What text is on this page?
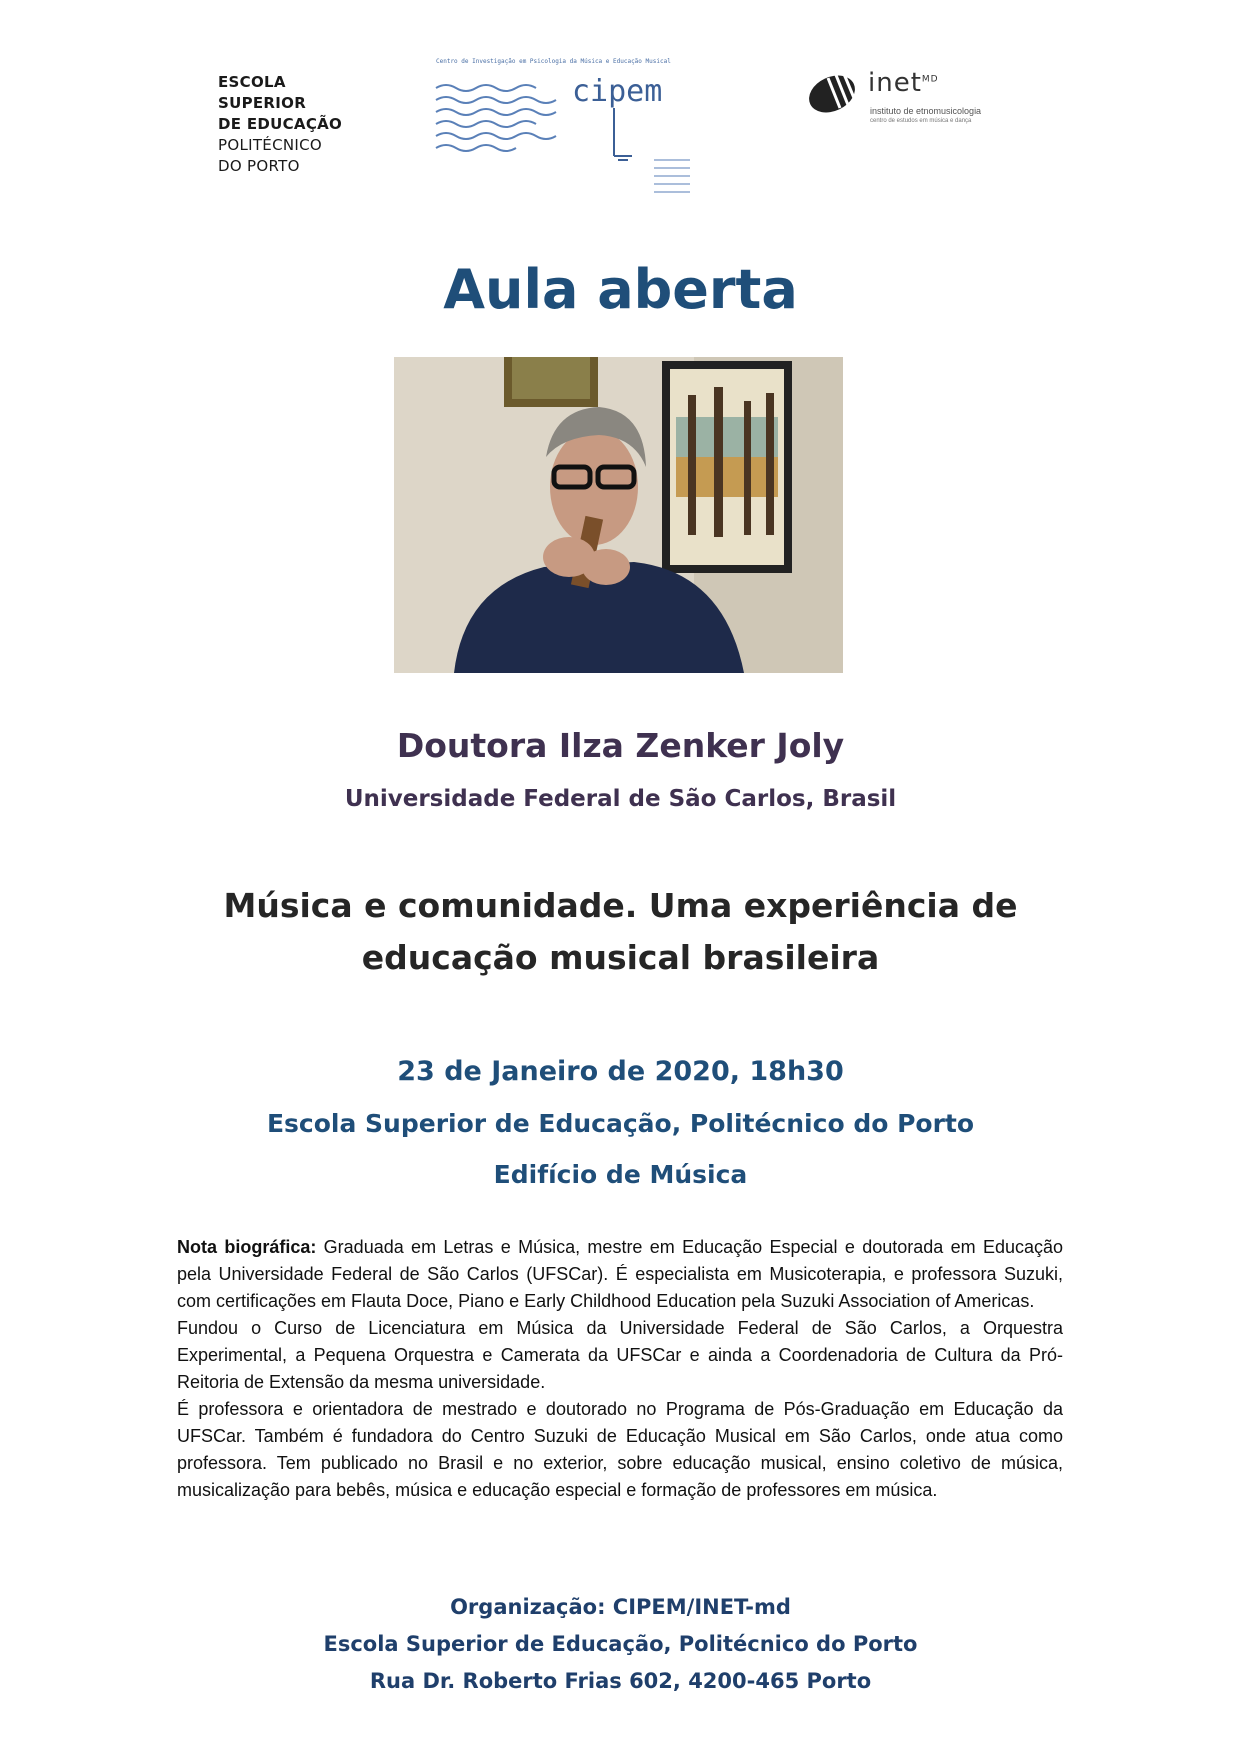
ESCOLA
SUPERIOR
DE EDUCAÇÃO
POLITÉCNICO
DO PORTO
Centro de Investigação em Psicologia da Música e Educação Musical
cipem	inet$^{MD}$
instituto de etnomusicologia
centro de estudos em música e dança
Aula aberta
Doutora Ilza Zenker Joly
Universidade Federal de São Carlos, Brasil
Música e comunidade. Uma experiência de
educação musical brasileira
23 de Janeiro de 2020, 18h30
Escola Superior de Educação, Politécnico do Porto
Edifício de Música

Nota biográfica: Graduada em Letras e Música, mestre em Educação Especial e doutorada em Educação pela Universidade Federal de São Carlos (UFSCar). É especialista em Musicoterapia, e professora Suzuki, com certificações em Flauta Doce, Piano e Early Childhood Education pela Suzuki Association of Americas.

Fundou o Curso de Licenciatura em Música da Universidade Federal de São Carlos, a Orquestra Experimental, a Pequena Orquestra e Camerata da UFSCar e ainda a Coordenadoria de Cultura da Pró-Reitoria de Extensão da mesma universidade.

É professora e orientadora de mestrado e doutorado no Programa de Pós-Graduação em Educação da UFSCar. Também é fundadora do Centro Suzuki de Educação Musical em São Carlos, onde atua como professora. Tem publicado no Brasil e no exterior, sobre educação musical, ensino coletivo de música, musicalização para bebês, música e educação especial e formação de professores em música.

Organização: CIPEM/INET-md
Escola Superior de Educação, Politécnico do Porto
Rua Dr. Roberto Frias 602, 4200-465 Porto
